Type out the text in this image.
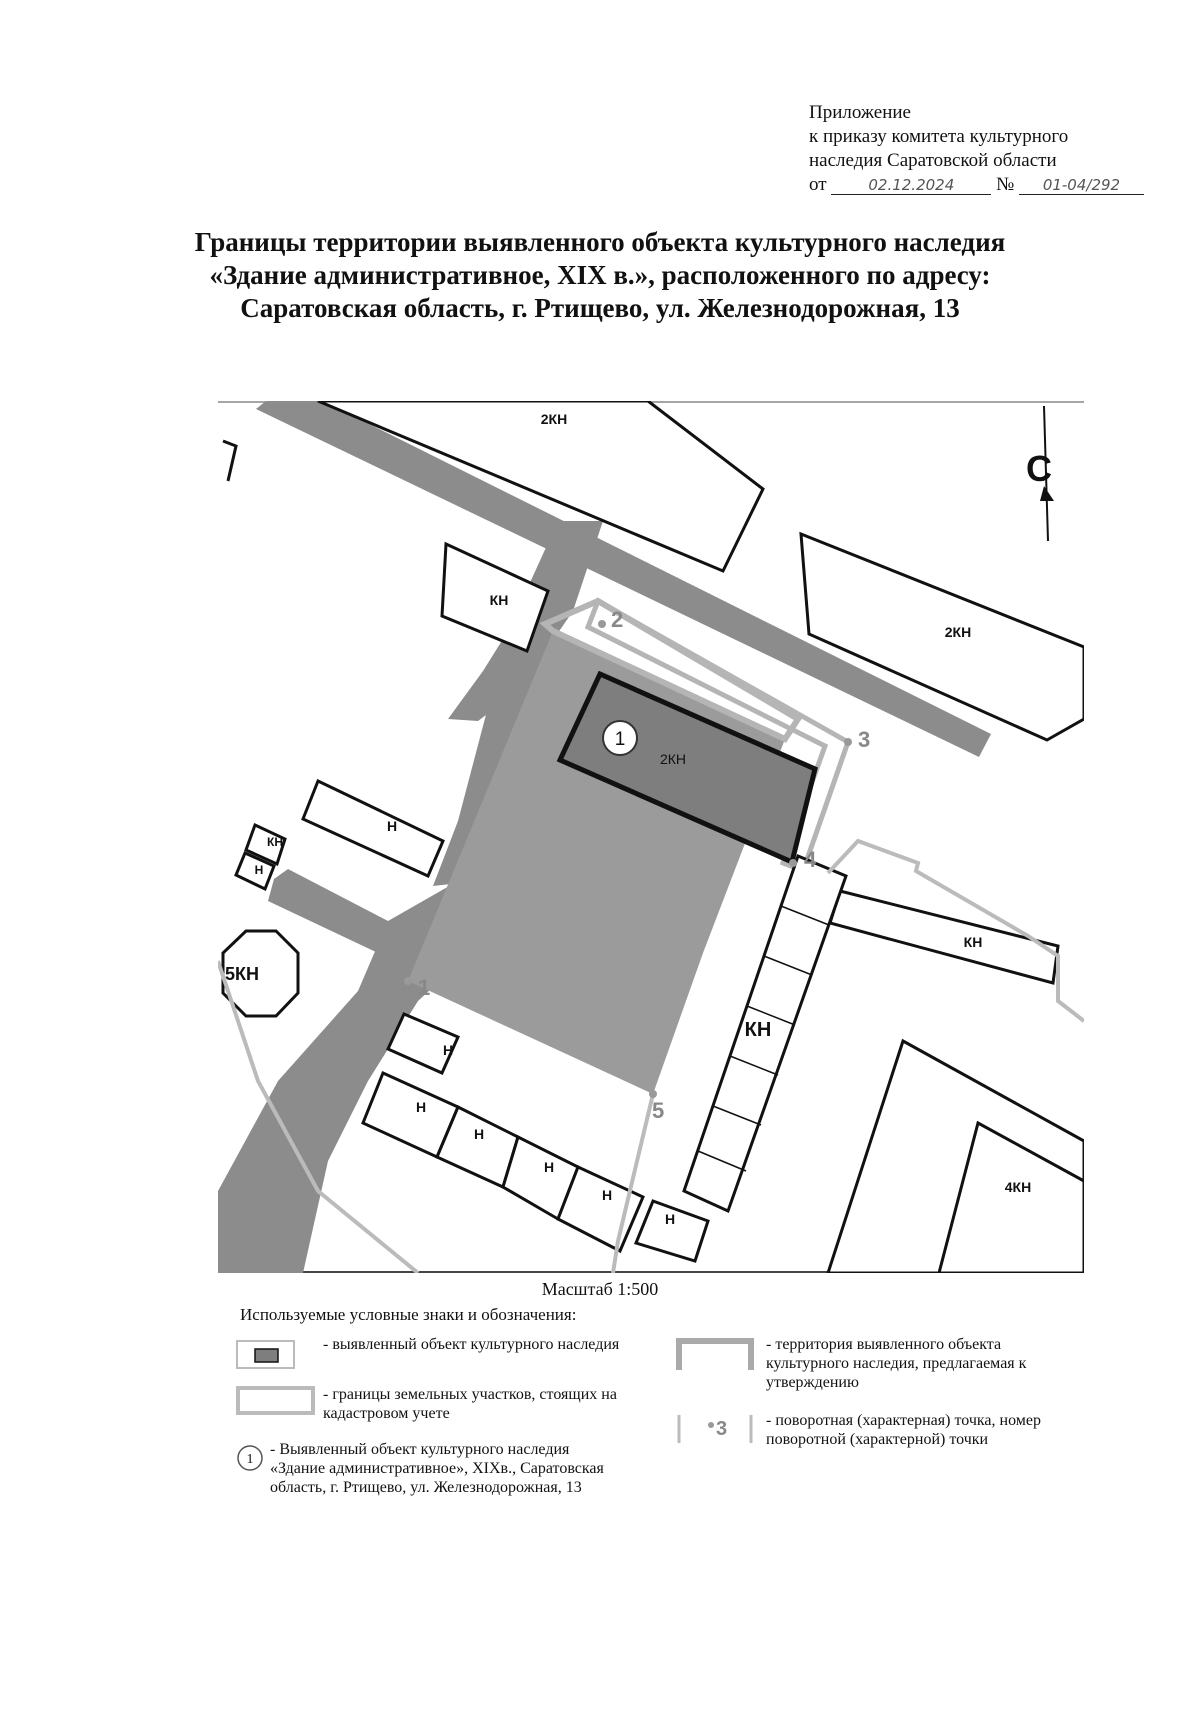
Приложение
к приказу комитета культурного
наследия Саратовской области
от	02.12.2024 № 01-04/292
Границы территории выявленного объекта культурного наследия
«Здание административное, XIX в.», расположенного по адресу:
Саратовская область, г. Ртищево, ул. Железнодорожная, 13
С
2КН
2КН
2КН
КН
Н
КН
Н
5КН
КН
КН
Н
Н
Н
Н
Н
Н
4КН
1
1
2
3
4
5
Масштаб 1:500
Используемые условные знаки и обозначения:
- выявленный объект культурного наследия
- границы земельных участков, стоящих на кадастровом учете
1
- Выявленный объект культурного наследия «Здание административное», XIXв., Саратовская область, г. Ртищево, ул. Железнодорожная, 13
- территория выявленного объекта культурного наследия, предлагаемая к утверждению
3 - поворотная (характерная) точка, номер поворотной (характерной) точки
